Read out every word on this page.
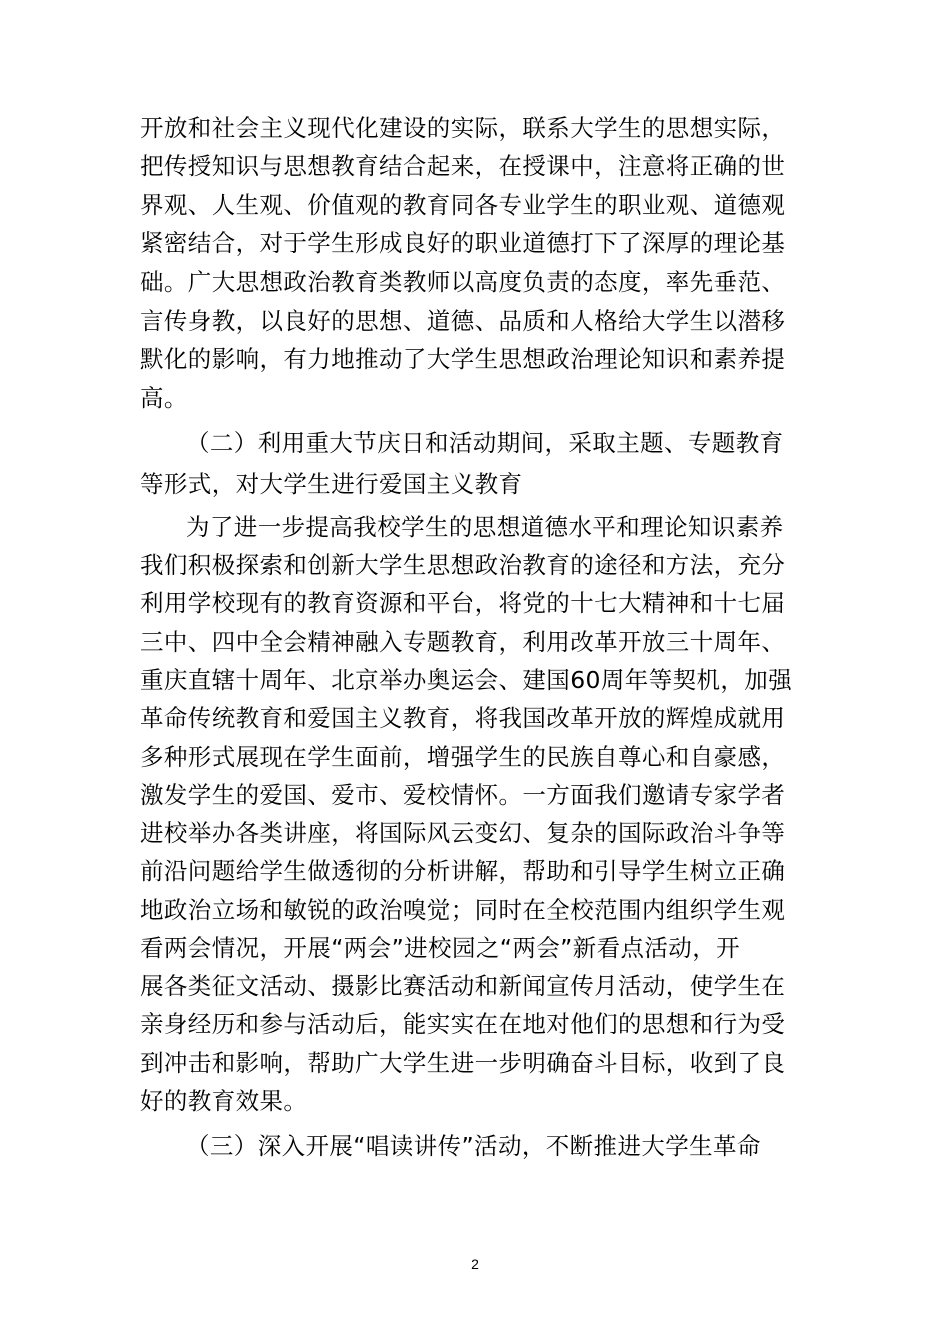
开放和社会主义现代化建设的实际，联系大学生的思想实际，
把传授知识与思想教育结合起来，在授课中，注意将正确的世
界观、人生观、价值观的教育同各专业学生的职业观、道德观
紧密结合，对于学生形成良好的职业道德打下了深厚的理论基
础。广大思想政治教育类教师以高度负责的态度，率先垂范、
言传身教，以良好的思想、道德、品质和人格给大学生以潜移
默化的影响，有力地推动了大学生思想政治理论知识和素养提
高。
（二）利用重大节庆日和活动期间，采取主题、专题教育
等形式，对大学生进行爱国主义教育
为了进一步提高我校学生的思想道德水平和理论知识素养
我们积极探索和创新大学生思想政治教育的途径和方法，充分
利用学校现有的教育资源和平台，将党的十七大精神和十七届
三中、四中全会精神融入专题教育，利用改革开放三十周年、
重庆直辖十周年、北京举办奥运会、建国60周年等契机，加强
革命传统教育和爱国主义教育，将我国改革开放的辉煌成就用
多种形式展现在学生面前，增强学生的民族自尊心和自豪感，
激发学生的爱国、爱市、爱校情怀。一方面我们邀请专家学者
进校举办各类讲座，将国际风云变幻、复杂的国际政治斗争等
前沿问题给学生做透彻的分析讲解，帮助和引导学生树立正确
地政治立场和敏锐的政治嗅觉；同时在全校范围内组织学生观
看两会情况，开展“两会”进校园之“两会”新看点活动，开
展各类征文活动、摄影比赛活动和新闻宣传月活动，使学生在
亲身经历和参与活动后，能实实在在地对他们的思想和行为受
到冲击和影响，帮助广大学生进一步明确奋斗目标，收到了良
好的教育效果。
（三）深入开展“唱读讲传”活动，不断推进大学生革命
2
